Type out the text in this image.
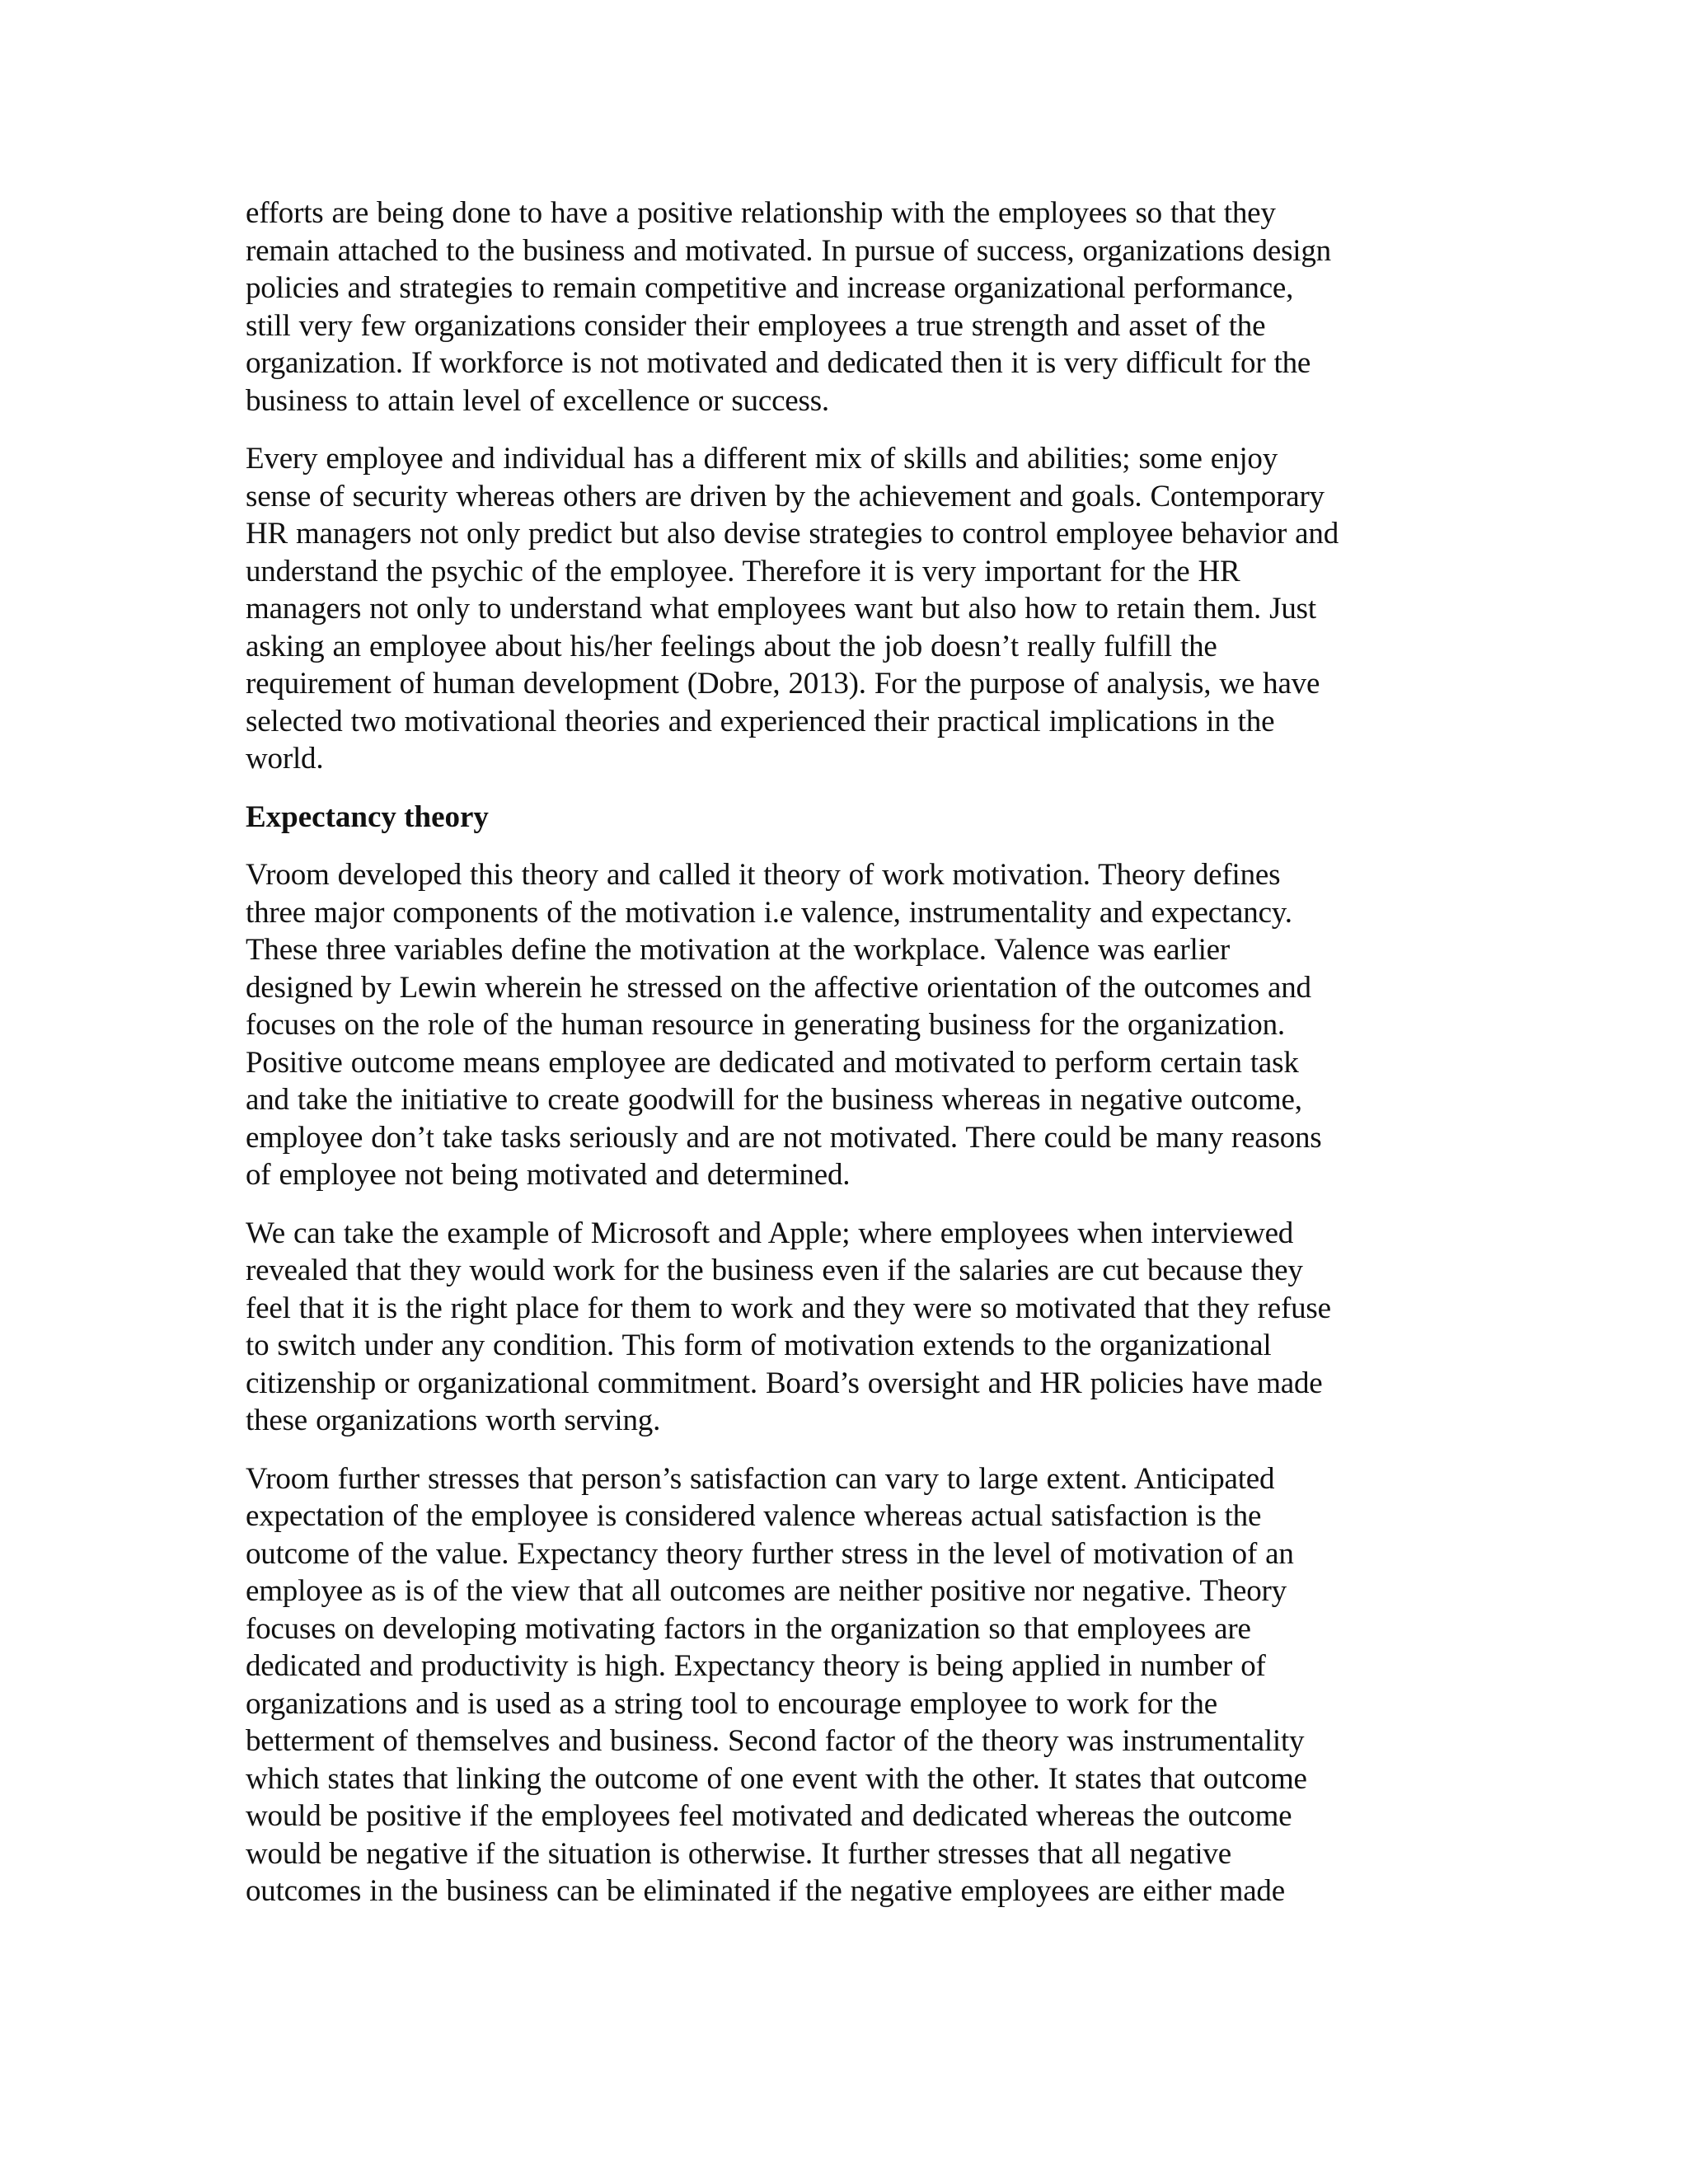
efforts are being done to have a positive relationship with the employees so that they
remain attached to the business and motivated. In pursue of success, organizations design
policies and strategies to remain competitive and increase organizational performance,
still very few organizations consider their employees a true strength and asset of the
organization. If workforce is not motivated and dedicated then it is very difficult for the
business to attain level of excellence or success.
Every employee and individual has a different mix of skills and abilities; some enjoy
sense of security whereas others are driven by the achievement and goals. Contemporary
HR managers not only predict but also devise strategies to control employee behavior and
understand the psychic of the employee. Therefore it is very important for the HR
managers not only to understand what employees want but also how to retain them. Just
asking an employee about his/her feelings about the job doesn’t really fulfill the
requirement of human development (Dobre, 2013). For the purpose of analysis, we have
selected two motivational theories and experienced their practical implications in the
world.
Expectancy theory
Vroom developed this theory and called it theory of work motivation. Theory defines
three major components of the motivation i.e valence, instrumentality and expectancy.
These three variables define the motivation at the workplace. Valence was earlier
designed by Lewin wherein he stressed on the affective orientation of the outcomes and
focuses on the role of the human resource in generating business for the organization.
Positive outcome means employee are dedicated and motivated to perform certain task
and take the initiative to create goodwill for the business whereas in negative outcome,
employee don’t take tasks seriously and are not motivated. There could be many reasons
of employee not being motivated and determined.
We can take the example of Microsoft and Apple; where employees when interviewed
revealed that they would work for the business even if the salaries are cut because they
feel that it is the right place for them to work and they were so motivated that they refuse
to switch under any condition. This form of motivation extends to the organizational
citizenship or organizational commitment. Board’s oversight and HR policies have made
these organizations worth serving.
Vroom further stresses that person’s satisfaction can vary to large extent. Anticipated
expectation of the employee is considered valence whereas actual satisfaction is the
outcome of the value. Expectancy theory further stress in the level of motivation of an
employee as is of the view that all outcomes are neither positive nor negative. Theory
focuses on developing motivating factors in the organization so that employees are
dedicated and productivity is high. Expectancy theory is being applied in number of
organizations and is used as a string tool to encourage employee to work for the
betterment of themselves and business. Second factor of the theory was instrumentality
which states that linking the outcome of one event with the other. It states that outcome
would be positive if the employees feel motivated and dedicated whereas the outcome
would be negative if the situation is otherwise. It further stresses that all negative
outcomes in the business can be eliminated if the negative employees are either made
